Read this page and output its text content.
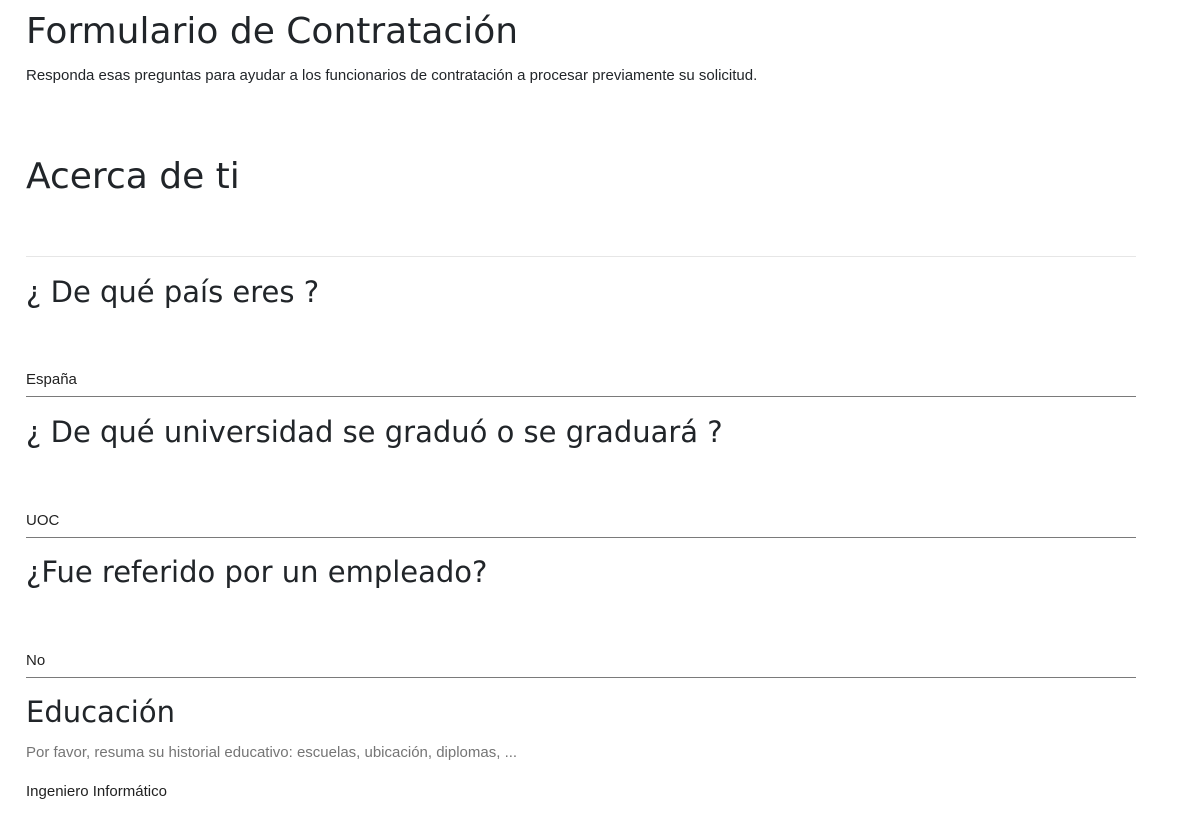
Formulario de Contratación

Responda esas preguntas para ayudar a los funcionarios de contratación a procesar previamente su solicitud.

Acerca de ti
¿ De qué país eres ?
España
¿ De qué universidad se graduó o se graduará ?
UOC
¿Fue referido por un empleado?
No
Educación

Por favor, resuma su historial educativo: escuelas, ubicación, diplomas, ...

Ingeniero Informático
